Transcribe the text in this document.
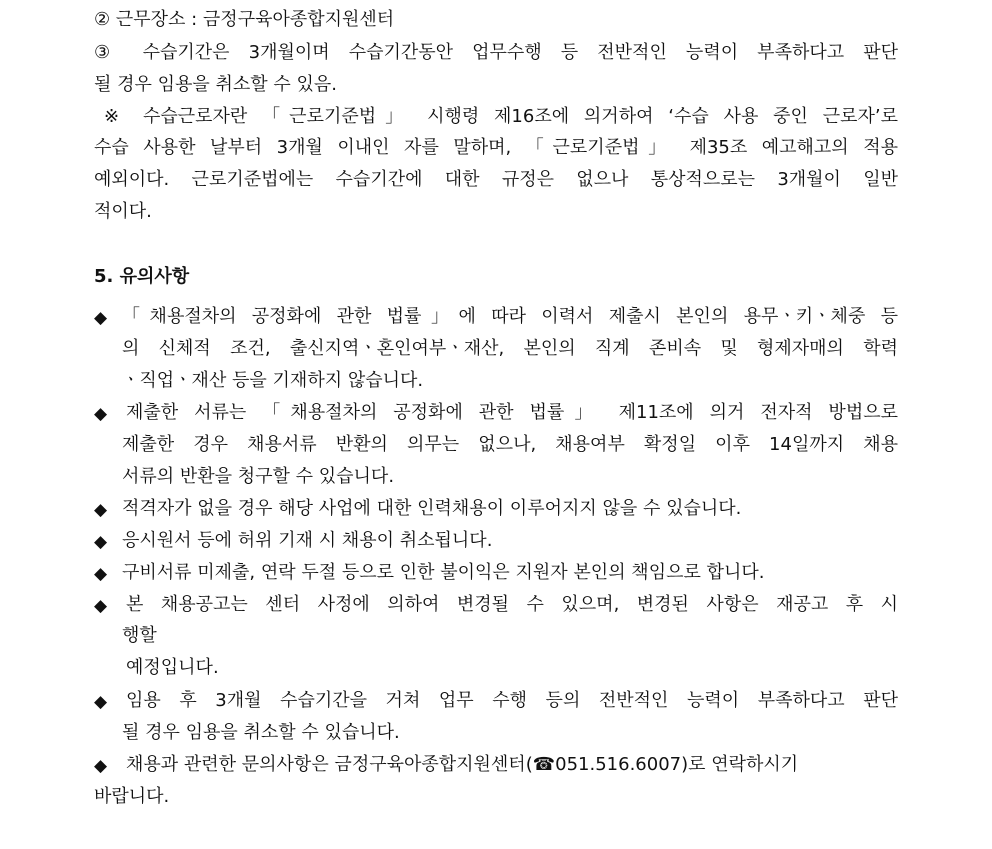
② 근무장소 : 금정구육아종합지원센터
③ 수습기간은 3개월이며 수습기간동안 업무수행 등 전반적인 능력이 부족하다고 판단
될 경우 임용을 취소할 수 있음.
※ 수습근로자란 「근로기준법」 시행령 제16조에 의거하여 ‘수습 사용 중인 근로자’로
수습 사용한 날부터 3개월 이내인 자를 말하며, 「근로기준법」 제35조 예고해고의 적용
예외이다. 근로기준법에는 수습기간에 대한 규정은 없으나 통상적으로는 3개월이 일반
적이다.
5. 유의사항
◆ 「채용절차의 공정화에 관한 법률」에 따라 이력서 제출시 본인의 용무ㆍ키ㆍ체중 등
의 신체적 조건, 출신지역ㆍ혼인여부ㆍ재산, 본인의 직계 존비속 및 형제자매의 학력
ㆍ직업ㆍ재산 등을 기재하지 않습니다.
◆	제출한 서류는 「채용절차의 공정화에 관한 법률」 제11조에 의거 전자적 방법으로
제출한 경우 채용서류 반환의 의무는 없으나, 채용여부 확정일 이후 14일까지 채용
서류의 반환을 청구할 수 있습니다.
◆ 적격자가 없을 경우 해당 사업에 대한 인력채용이 이루어지지 않을 수 있습니다.
◆ 응시원서 등에 허위 기재 시 채용이 취소됩니다.
◆ 구비서류 미제출, 연락 두절 등으로 인한 불이익은 지원자 본인의 책임으로 합니다.
◆	본 채용공고는 센터 사정에 의하여 변경될 수 있으며, 변경된 사항은 재공고 후 시
행할
예정입니다.
◆	임용 후 3개월 수습기간을 거쳐 업무 수행 등의 전반적인 능력이 부족하다고 판단
될 경우 임용을 취소할 수 있습니다.
◆	채용과 관련한 문의사항은 금정구육아종합지원센터(☎051.516.6007)로 연락하시기
바랍니다.
